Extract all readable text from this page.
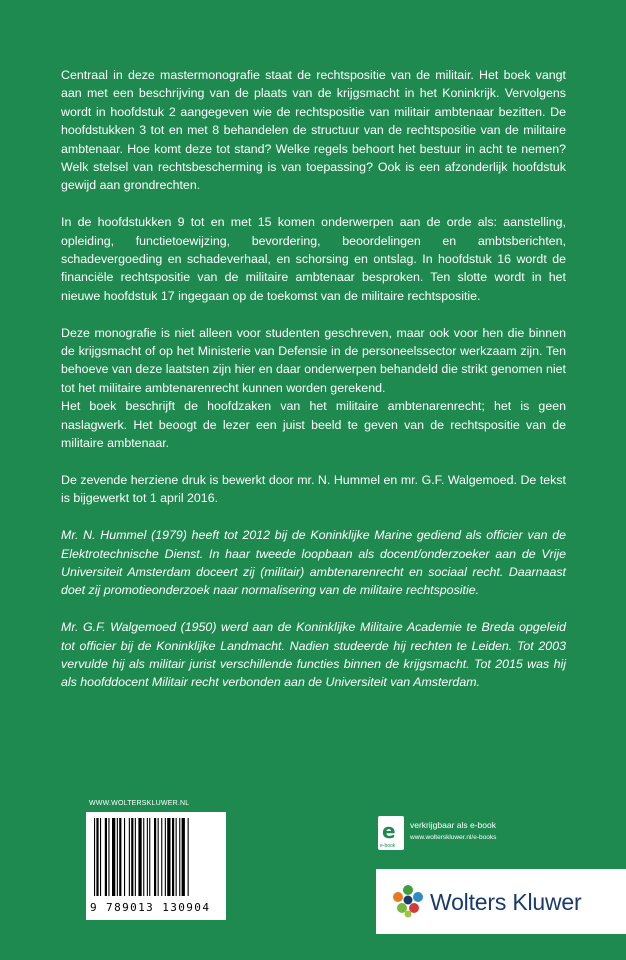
Centraal in deze mastermonografie staat de rechtspositie van de militair. Het boek vangt aan met een beschrijving van de plaats van de krijgsmacht in het Koninkrijk. Vervolgens wordt in hoofdstuk 2 aangegeven wie de rechtspositie van militair ambtenaar bezitten. De hoofdstukken 3 tot en met 8 behandelen de structuur van de rechtspositie van de militaire ambtenaar. Hoe komt deze tot stand? Welke regels behoort het bestuur in acht te nemen? Welk stelsel van rechtsbescherming is van toepassing? Ook is een afzonderlijk hoofdstuk gewijd aan grondrechten.

In de hoofdstukken 9 tot en met 15 komen onderwerpen aan de orde als: aanstelling, opleiding, functietoewijzing, bevordering, beoordelingen en ambtsberichten, schadevergoeding en schadeverhaal, en schorsing en ontslag. In hoofdstuk 16 wordt de financiële rechtspositie van de militaire ambtenaar besproken. Ten slotte wordt in het nieuwe hoofdstuk 17 ingegaan op de toekomst van de militaire rechtspositie.

Deze monografie is niet alleen voor studenten geschreven, maar ook voor hen die binnen de krijgsmacht of op het Ministerie van Defensie in de personeelssector werkzaam zijn. Ten behoeve van deze laatsten zijn hier en daar onderwerpen behandeld die strikt genomen niet tot het militaire ambtenarenrecht kunnen worden gerekend.

Het boek beschrijft de hoofdzaken van het militaire ambtenarenrecht; het is geen naslagwerk. Het beoogt de lezer een juist beeld te geven van de rechtspositie van de militaire ambtenaar.

De zevende herziene druk is bewerkt door mr. N. Hummel en mr. G.F. Walgemoed. De tekst is bijgewerkt tot 1 april 2016.

Mr. N. Hummel (1979) heeft tot 2012 bij de Koninklijke Marine gediend als officier van de Elektrotechnische Dienst. In haar tweede loopbaan als docent/onderzoeker aan de Vrije Universiteit Amsterdam doceert zij (militair) ambtenarenrecht en sociaal recht. Daarnaast doet zij promotieonderzoek naar normalisering van de militaire rechtspositie.

Mr. G.F. Walgemoed (1950) werd aan de Koninklijke Militaire Academie te Breda opgeleid tot officier bij de Koninklijke Landmacht. Nadien studeerde hij rechten te Leiden. Tot 2003 vervulde hij als militair jurist verschillende functies binnen de krijgsmacht. Tot 2015 was hij als hoofddocent Militair recht verbonden aan de Universiteit van Amsterdam.

WWW.WOLTERSKLUWER.NL
9 789013 130904
e
e-book
verkrijgbaar als e-book
www.wolterskluwer.nl/e-books
Wolters Kluwer
